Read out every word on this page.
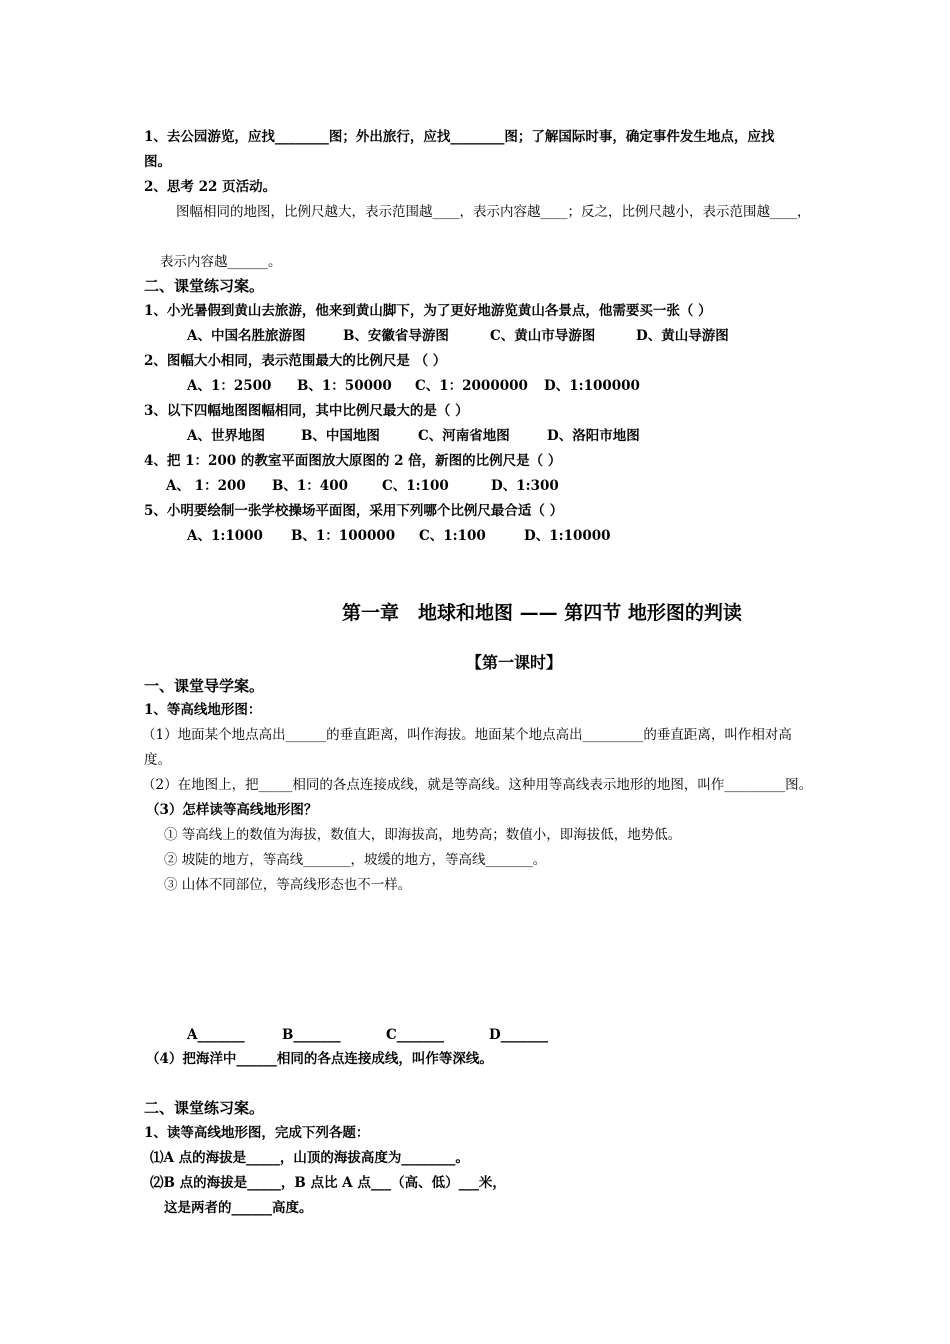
1、去公园游览，应找________图；外出旅行，应找________图；了解国际时事，确定事件发生地点，应找
图。
2、思考 22 页活动。
图幅相同的地图，比例尺越大，表示范围越____，表示内容越____；反之，比例尺越小，表示范围越____，
表示内容越______。
二、课堂练习案。
1、小光暑假到黄山去旅游，他来到黄山脚下，为了更好地游览黄山各景点，他需要买一张（ ）
A、中国名胜旅游图	B、安徽省导游图	C、黄山市导游图	D、黄山导游图
2、图幅大小相同，表示范围最大的比例尺是 （ ）
A、1：2500 B、1：50000 C、1：2000000 D、1:100000
3、以下四幅地图图幅相同，其中比例尺最大的是（ ）
A、世界地图	B、中国地图	C、河南省地图	D、洛阳市地图
4、把 1：200 的教室平面图放大原图的 2 倍，新图的比例尺是（ ）
A、 1：200 B、1：400	C、1:100	D、1:300
5、小明要绘制一张学校操场平面图，采用下列哪个比例尺最合适（ ）
A、1:1000 B、1：100000 C、1:100	D、1:10000
第一章　地球和地图 —— 第四节 地形图的判读
【第一课时】
一、课堂导学案。
1、等高线地形图：
（1）地面某个地点高出______的垂直距离，叫作海拔。地面某个地点高出_________的垂直距离，叫作相对高
度。
（2）在地图上，把_____相同的各点连接成线，就是等高线。这种用等高线表示地形的地图，叫作_________图。
（3）怎样读等高线地形图？
① 等高线上的数值为海拔，数值大，即海拔高，地势高；数值小，即海拔低，地势低。
② 坡陡的地方，等高线_______，坡缓的地方，等高线_______。
③ 山体不同部位，等高线形态也不一样。
A_______	B_______	C_______	D_______
（4）把海洋中______相同的各点连接成线，叫作等深线。
二、课堂练习案。
1、读等高线地形图，完成下列各题：
⑴A 点的海拔是_____，山顶的海拔高度为________。
⑵B 点的海拔是_____，B 点比 A 点___（高、低）___米，
这是两者的______高度。
